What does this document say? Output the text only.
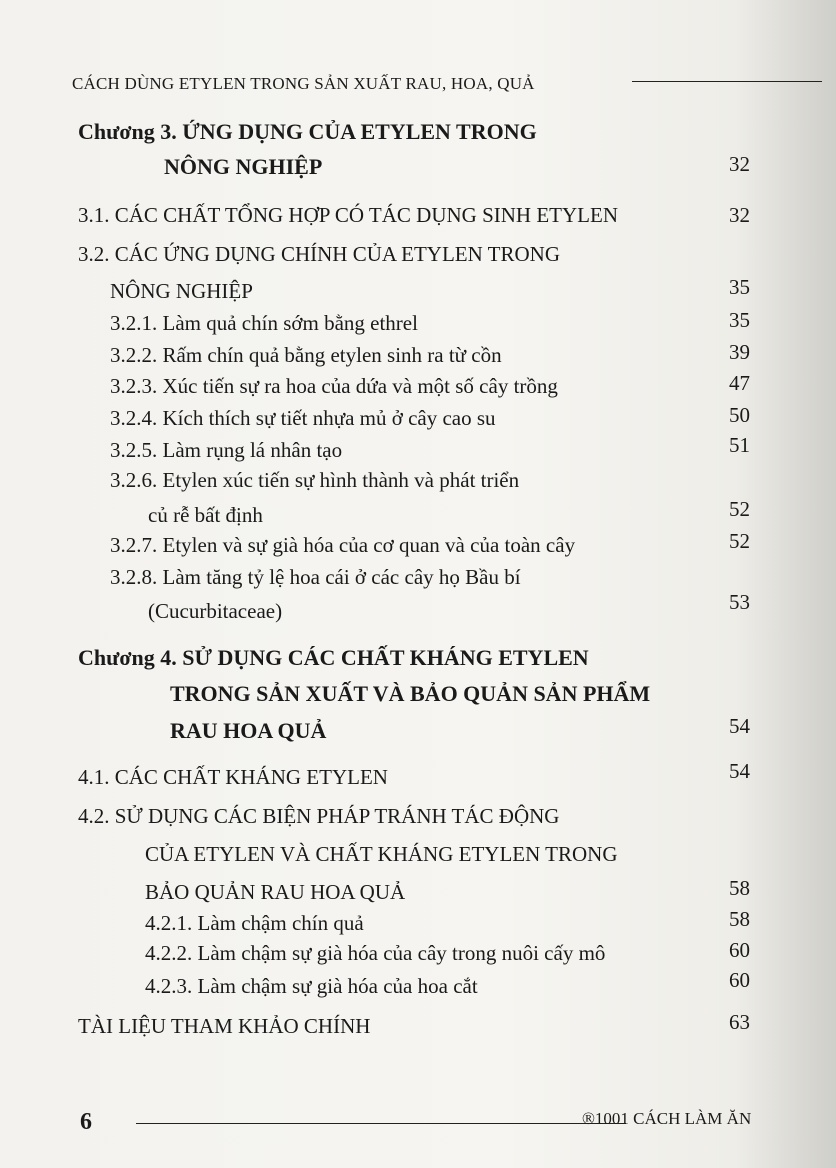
CÁCH DÙNG ETYLEN TRONG SẢN XUẤT RAU, HOA, QUẢ
Chương 3. ỨNG DỤNG CỦA ETYLEN TRONG
NÔNG NGHIỆP	32
3.1. CÁC CHẤT TỔNG HỢP CÓ TÁC DỤNG SINH ETYLEN	32
3.2. CÁC ỨNG DỤNG CHÍNH CỦA ETYLEN TRONG
NÔNG NGHIỆP	35
3.2.1. Làm quả chín sớm bằng ethrel	35
3.2.2. Rấm chín quả bằng etylen sinh ra từ cồn	39
3.2.3. Xúc tiến sự ra hoa của dứa và một số cây trồng	47
3.2.4. Kích thích sự tiết nhựa mủ ở cây cao su	50
3.2.5. Làm rụng lá nhân tạo	51
3.2.6. Etylen xúc tiến sự hình thành và phát triển
củ rễ bất định	52
3.2.7. Etylen và sự già hóa của cơ quan và của toàn cây	52
3.2.8. Làm tăng tỷ lệ hoa cái ở các cây họ Bầu bí
(Cucurbitaceae)	53
Chương 4. SỬ DỤNG CÁC CHẤT KHÁNG ETYLEN
TRONG SẢN XUẤT VÀ BẢO QUẢN SẢN PHẨM
RAU HOA QUẢ	54
4.1. CÁC CHẤT KHÁNG ETYLEN	54
4.2. SỬ DỤNG CÁC BIỆN PHÁP TRÁNH TÁC ĐỘNG
CỦA ETYLEN VÀ CHẤT KHÁNG ETYLEN TRONG
BẢO QUẢN RAU HOA QUẢ	58
4.2.1. Làm chậm chín quả	58
4.2.2. Làm chậm sự già hóa của cây trong nuôi cấy mô	60
4.2.3. Làm chậm sự già hóa của hoa cắt	60
TÀI LIỆU THAM KHẢO CHÍNH	63
6	®1001 CÁCH LÀM ĂN
